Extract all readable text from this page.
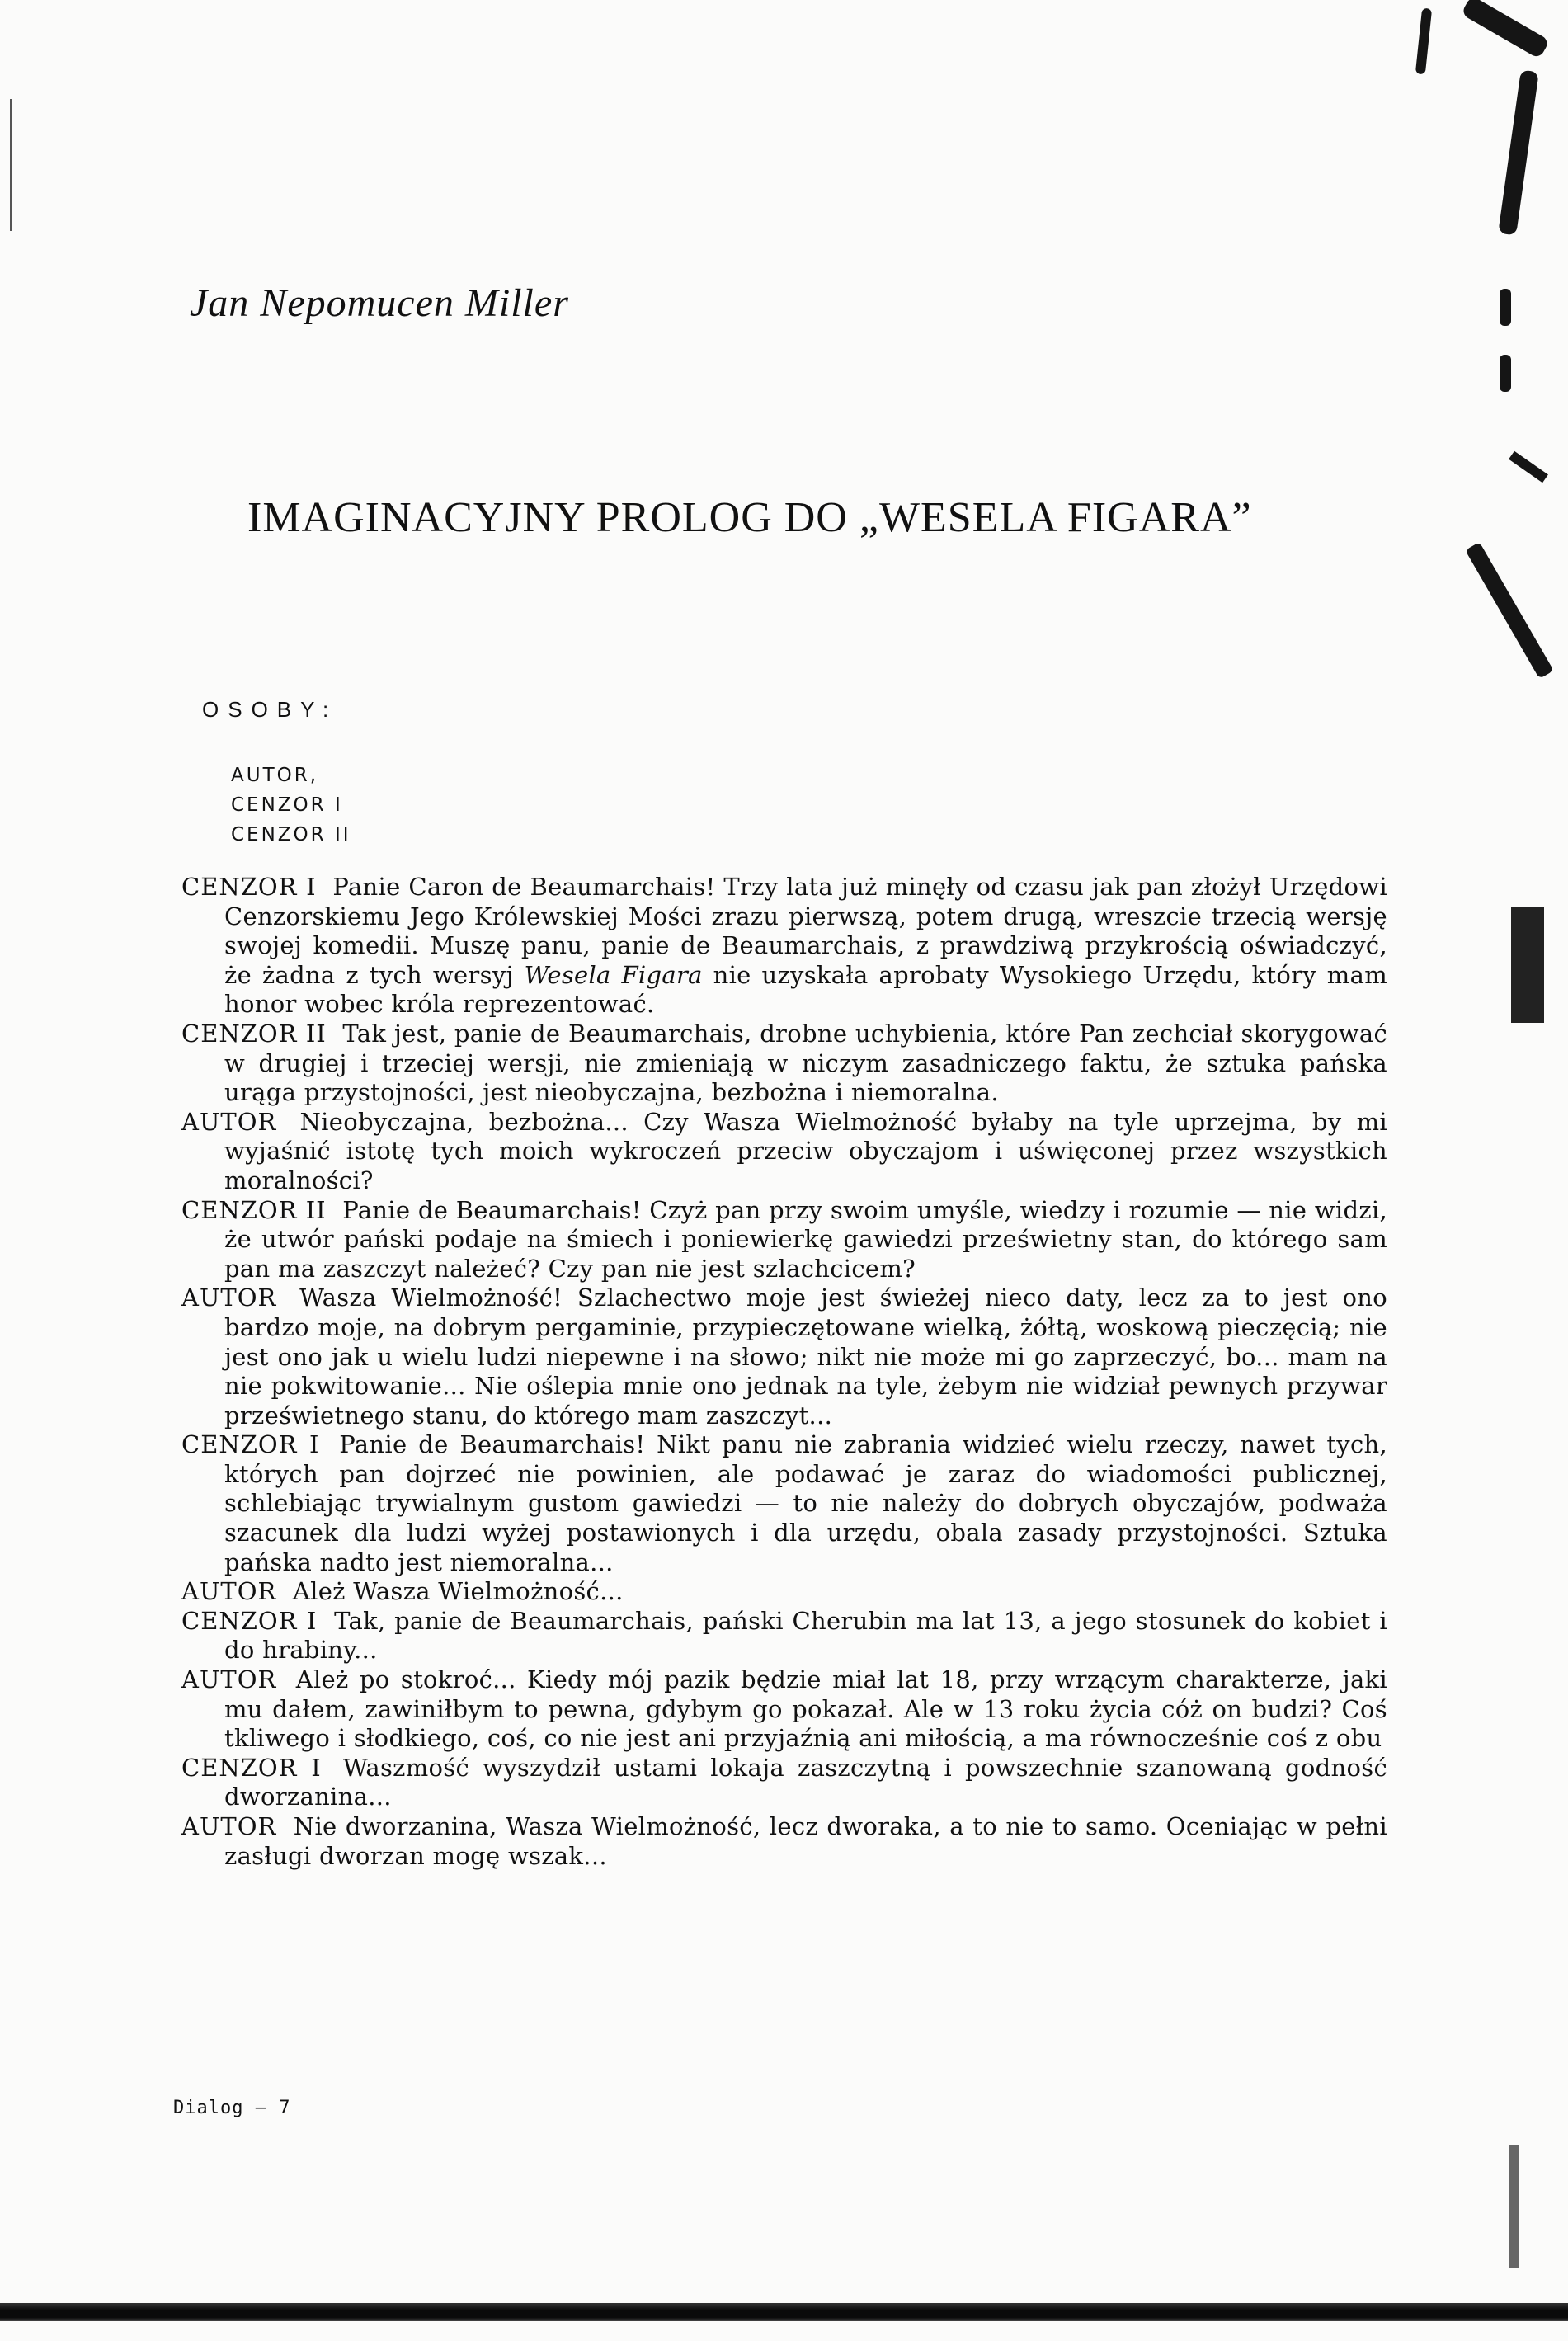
Jan Nepomucen Miller
IMAGINACYJNY PROLOG DO „WESELA FIGARA”
OSOBY:
AUTOR,
CENZOR I
CENZOR II
CENZOR I Panie Caron de Beaumarchais! Trzy lata już minęły od czasu jak pan złożył Urzędowi Cenzorskiemu Jego Królewskiej Mości zrazu pierwszą, potem drugą, wreszcie trzecią wersję swojej komedii. Muszę panu, panie de Beaumarchais, z prawdziwą przykrością oświadczyć, że żadna z tych wersyj Wesela Figara nie uzyskała aprobaty Wysokiego Urzędu, który mam honor wobec króla reprezentować.
CENZOR II Tak jest, panie de Beaumarchais, drobne uchybienia, które Pan zechciał skorygować w drugiej i trzeciej wersji, nie zmieniają w niczym zasadniczego faktu, że sztuka pańska urąga przystojności, jest nieobyczajna, bezbożna i niemoralna.
AUTOR Nieobyczajna, bezbożna... Czy Wasza Wielmożność byłaby na tyle uprzejma, by mi wyjaśnić istotę tych moich wykroczeń przeciw obyczajom i uświęconej przez wszystkich moralności?
CENZOR II Panie de Beaumarchais! Czyż pan przy swoim umyśle, wiedzy i rozumie — nie widzi, że utwór pański podaje na śmiech i poniewierkę gawiedzi prześwietny stan, do którego sam pan ma zaszczyt należeć? Czy pan nie jest szlachcicem?
AUTOR Wasza Wielmożność! Szlachectwo moje jest świeżej nieco daty, lecz za to jest ono bardzo moje, na dobrym pergaminie, przypieczętowane wielką, żółtą, woskową pieczęcią; nie jest ono jak u wielu ludzi niepewne i na słowo; nikt nie może mi go zaprzeczyć, bo... mam na nie pokwitowanie... Nie oślepia mnie ono jednak na tyle, żebym nie widział pewnych przywar prześwietnego stanu, do którego mam zaszczyt...
CENZOR I Panie de Beaumarchais! Nikt panu nie zabrania widzieć wielu rzeczy, nawet tych, których pan dojrzeć nie powinien, ale podawać je zaraz do wiadomości publicznej, schlebiając trywialnym gustom gawiedzi — to nie należy do dobrych obyczajów, podważa szacunek dla ludzi wyżej postawionych i dla urzędu, obala zasady przystojności. Sztuka pańska nadto jest niemoralna...
AUTOR Ależ Wasza Wielmożność...
CENZOR I Tak, panie de Beaumarchais, pański Cherubin ma lat 13, a jego stosunek do kobiet i do hrabiny...
AUTOR Ależ po stokroć... Kiedy mój pazik będzie miał lat 18, przy wrzącym charakterze, jaki mu dałem, zawiniłbym to pewna, gdybym go pokazał. Ale w 13 roku życia cóż on budzi? Coś tkliwego i słodkiego, coś, co nie jest ani przyjaźnią ani miłością, a ma równocześnie coś z obu
CENZOR I Waszmość wyszydził ustami lokaja zaszczytną i powszechnie szanowaną godność dworzanina...
AUTOR Nie dworzanina, Wasza Wielmożność, lecz dworaka, a to nie to samo. Oceniając w pełni zasługi dworzan mogę wszak...
Dialog — 7
